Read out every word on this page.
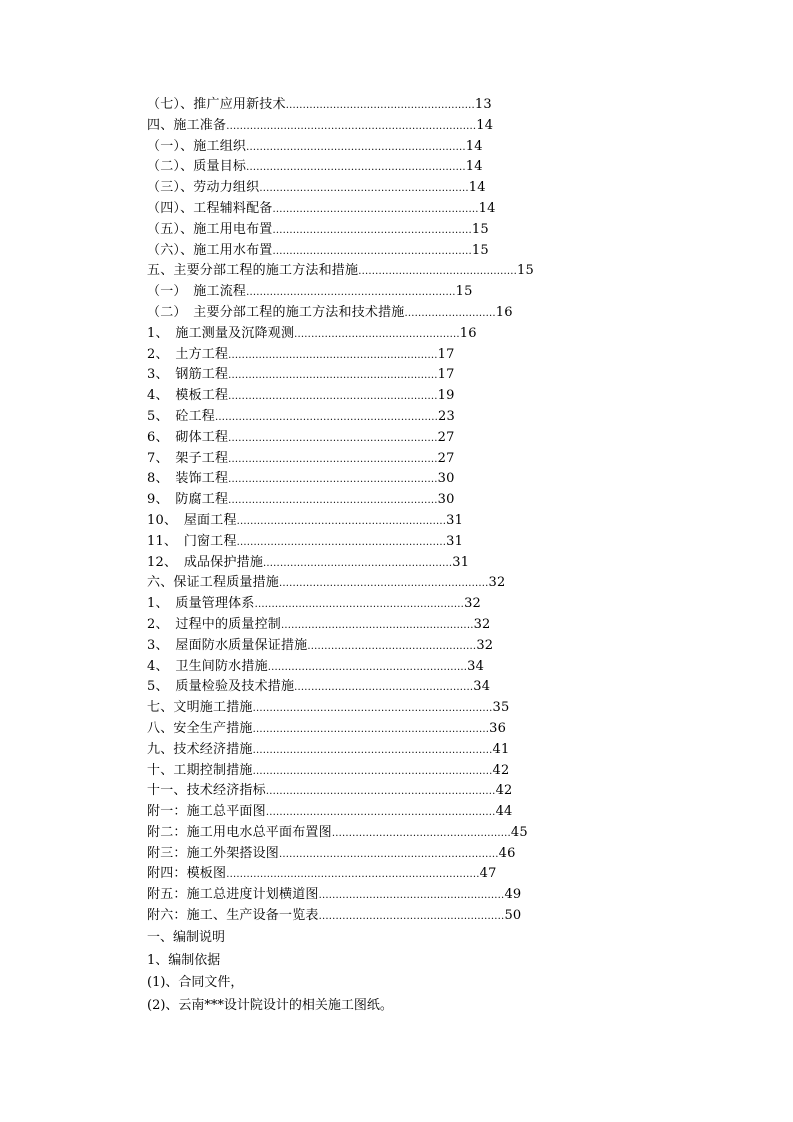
（七）、推广应用新技术........................................................13
四、施工准备..........................................................................14
（一）、施工组织.................................................................14
（二）、质量目标.................................................................14
（三）、劳动力组织..............................................................14
（四）、工程辅料配备.............................................................14
（五）、施工用电布置...........................................................15
（六）、施工用水布置...........................................................15
五、主要分部工程的施工方法和措施...............................................15
（一）　施工流程..............................................................15
（二）　主要分部工程的施工方法和技术措施...........................16
1、　施工测量及沉降观测.................................................16
2、　土方工程..............................................................17
3、　钢筋工程..............................................................17
4、　模板工程..............................................................19
5、　砼工程..................................................................23
6、　砌体工程..............................................................27
7、　架子工程..............................................................27
8、　装饰工程..............................................................30
9、　防腐工程..............................................................30
10、　屋面工程..............................................................31
11、　门窗工程..............................................................31
12、　成品保护措施........................................................31
六、保证工程质量措施..............................................................32
1、　质量管理体系..............................................................32
2、　过程中的质量控制.........................................................32
3、　屋面防水质量保证措施..................................................32
4、　卫生间防水措施...........................................................34
5、　质量检验及技术措施.....................................................34
七、文明施工措施.......................................................................35
八、安全生产措施......................................................................36
九、技术经济措施.......................................................................41
十、工期控制措施.......................................................................42
十一、技术经济指标....................................................................42
附一：施工总平面图....................................................................44
附二：施工用电水总平面布置图.....................................................45
附三：施工外架搭设图.................................................................46
附四：模板图...........................................................................47
附五：施工总进度计划横道图.......................................................49
附六：施工、生产设备一览表.......................................................50
一、编制说明
1、编制依据
(1)、合同文件，
(2)、云南***设计院设计的相关施工图纸。
